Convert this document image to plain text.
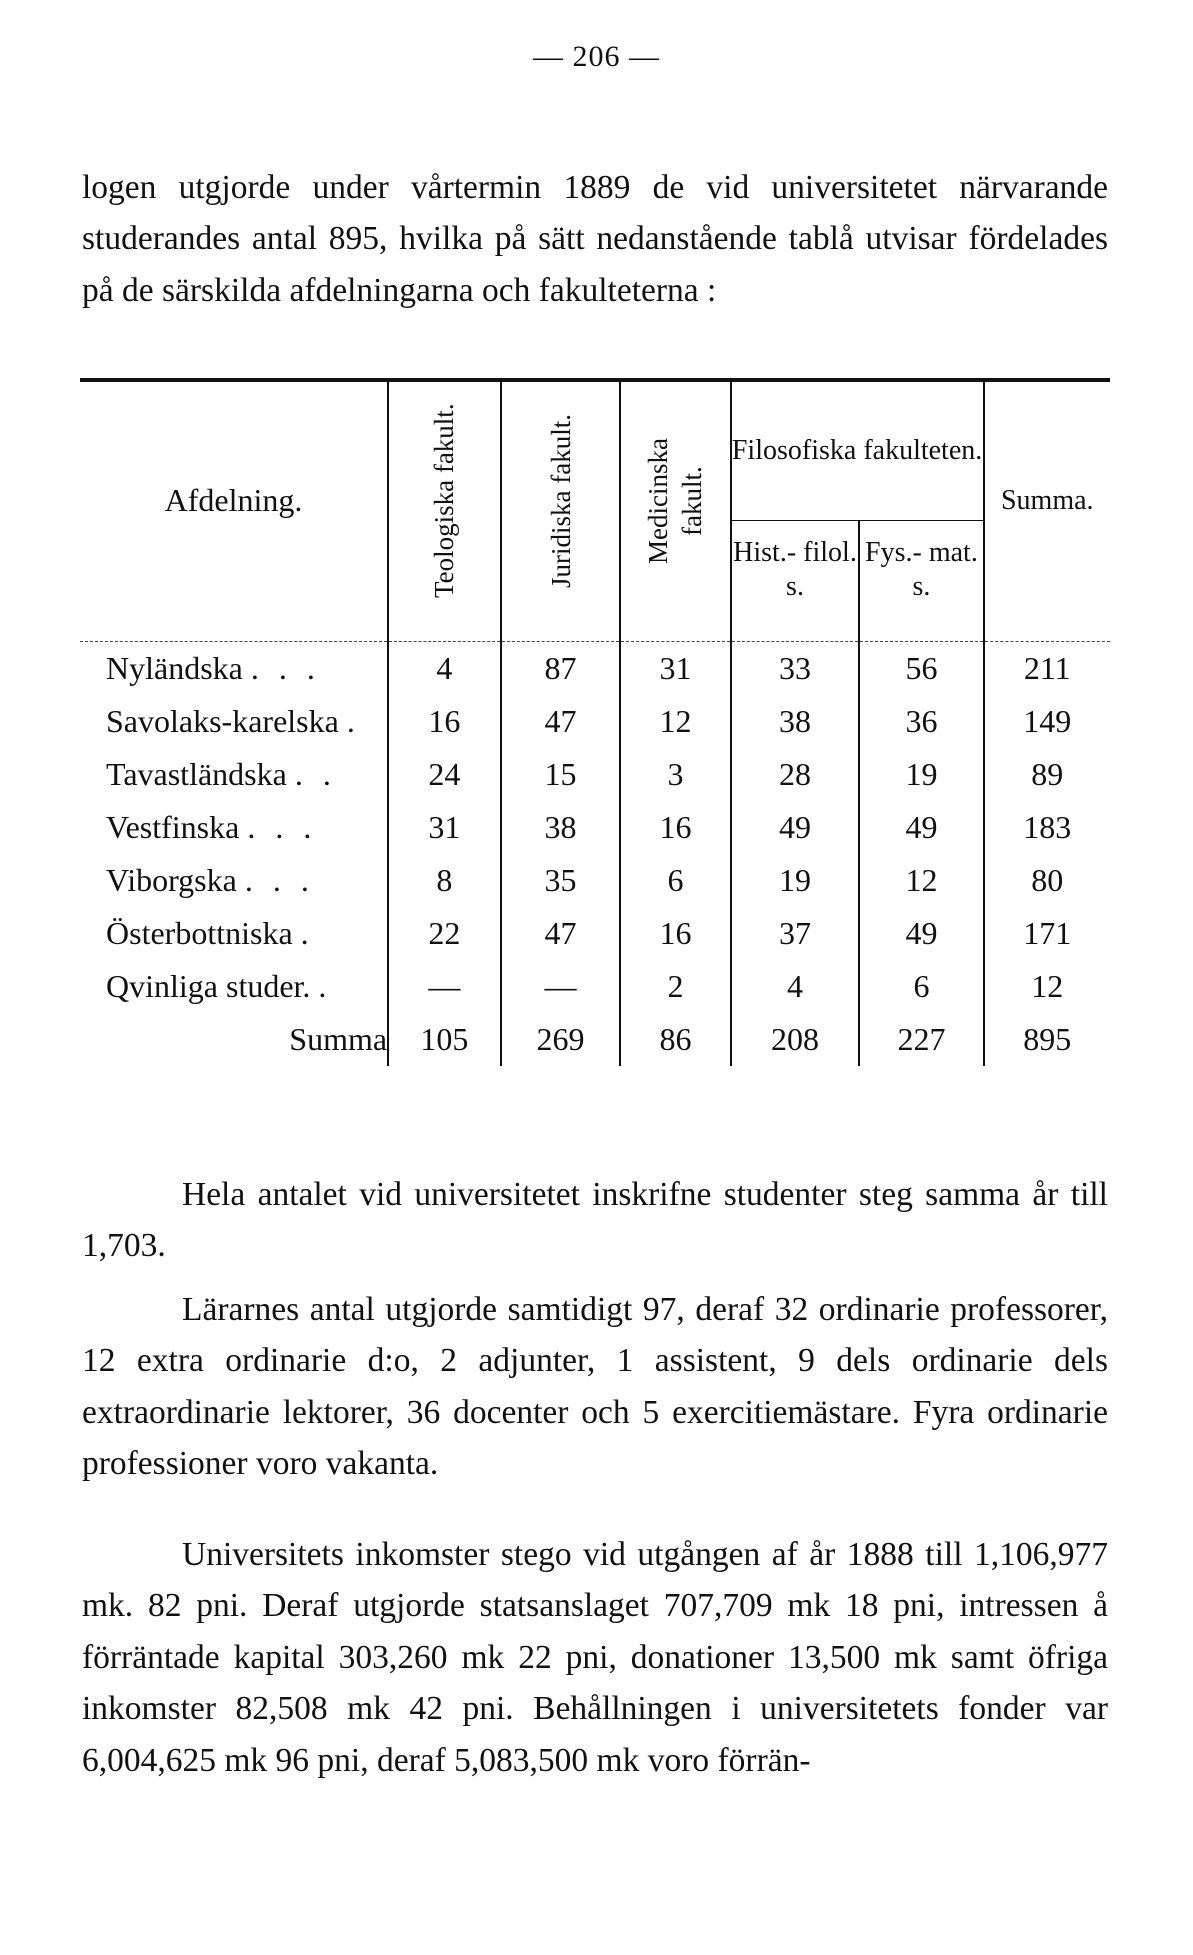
— 206 —

logen utgjorde under vårtermin 1889 de vid universitetet närvarande studerandes antal 895, hvilka på sätt nedanstående tablå utvisar fördelades på de särskilda afdelningarna och fakulteterna :

Afdelning.	Teologiska fakult.	Juridiska fakult.	Medicinska fakult.	Filosofiska fakulteten.		Summa.
				Hist.- filol. s.	Fys.- mat. s.	

Nyländska . . .	4	87	31	33	56	211
Savolaks-karelska .	16	47	12	38	36	149
Tavastländska . .	24	15	3	28	19	89
Vestfinska . . .	31	38	16	49	49	183
Viborgska . . .	8	35	6	19	12	80
Österbottniska .	22	47	16	37	49	171
Qvinliga studer. .	—	—	2	4	6	12
Summa	105	269	86	208	227	895

Hela antalet vid universitetet inskrifne studenter steg samma år till 1,703.

Lärarnes antal utgjorde samtidigt 97, deraf 32 ordinarie professorer, 12 extra ordinarie d:o, 2 adjunter, 1 assistent, 9 dels ordinarie dels extraordinarie lektorer, 36 docenter och 5 exercitiemästare. Fyra ordinarie professioner voro vakanta.

Universitets inkomster stego vid utgången af år 1888 till 1,106,977 mk. 82 pni. Deraf utgjorde statsanslaget 707,709 mk 18 pni, intressen å förräntade kapital 303,260 mk 22 pni, donationer 13,500 mk samt öfriga inkomster 82,508 mk 42 pni. Behållningen i universitetets fonder var 6,004,625 mk 96 pni, deraf 5,083,500 mk voro förrän-
